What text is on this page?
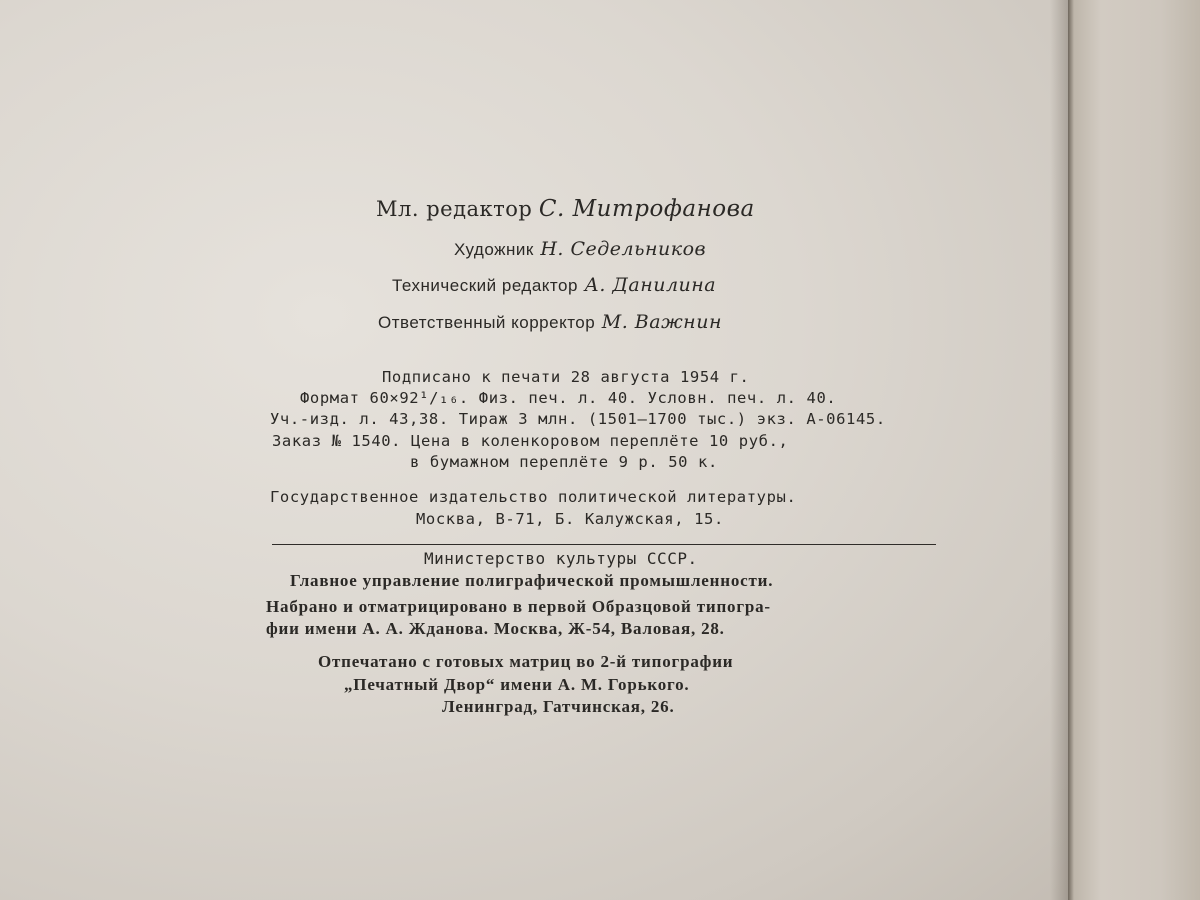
Мл. редактор С. Митрофанова
Художник Н. Седельников
Технический редактор А. Данилина
Ответственный корректор М. Важнин
Подписано к печати 28 августа 1954 г.
Формат 60×92¹/₁₆. Физ. печ. л. 40. Условн. печ. л. 40.
Уч.-изд. л. 43,38. Тираж 3 млн. (1501—1700 тыс.) экз. А-06145.
Заказ № 1540. Цена в коленкоровом переплёте 10 руб.,
в бумажном переплёте 9 р. 50 к.
Государственное издательство политической литературы.
Москва, В-71, Б. Калужская, 15.
Министерство культуры СССР.
Главное управление полиграфической промышленности.
Набрано и отматрицировано в первой Образцовой типогра-
фии имени А. А. Жданова. Москва, Ж-54, Валовая, 28.
Отпечатано с готовых матриц во 2-й типографии
„Печатный Двор“ имени А. М. Горького.
Ленинград, Гатчинская, 26.
